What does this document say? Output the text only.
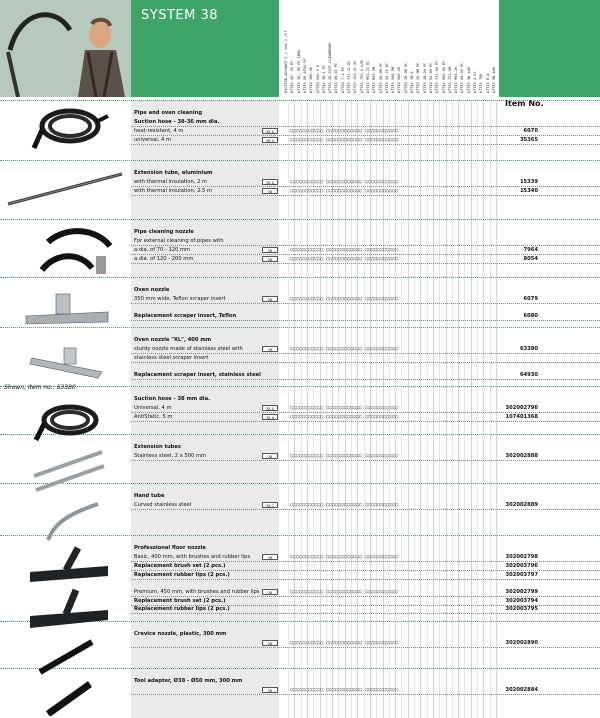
SYSTEM 38
NILFISK-ADVANCE 1 / VAX 1 /CT ATTIX 30, 50 PC ATTIX 30, 50 PC INOX ATTIX 50 ATEX PC ATTIX 360-0H ATTIX 550-2 H ATTIX 30-1 PC ATTIX 30-21PC CLEANROOM ATTIX 40-01 PC ATTIX 7-1 PC ATTIX 751-21 EC ATTIX 761-21 XC ATTIX 791-2 L/M ATTIX 961-21 EC ATTIX 965-2M ATTIX 50-2M PC ATTIX 50-21 EC ATTIX 560-2M ATTIX 560-2H ATTIX 19 2M PC ATTIX 19-4 ATTIX 30-0M PC ATTIX 30-2H PC ATTIX 50-0H PC ATTIX 751-0H PC ATTIX 965-0H PC ATTIX 751-2M ATTIX 965-2H ATTIX 44-2H PC ATTIX 5N 44H ATTIX 4 XC ATTIX 790 ATTIX 8-4 ATTIX 5N 44H
Item No.
Pipe and oven cleaning
Suction hose - 38-36 mm dia.
heat-resistant, 4 m	38 A	○○○○○○○○○○○ ○○○○○○○○○○○○ ○○○○○○○○○○○	6070
universal, 4 m	38 A	○○○○○○○○○○○ ○○○○○○○○○○○○ ○○○○○○○○○○○	35365
Extension tube, aluminium
with thermal insulation, 2 m	38 A	○○○○○○○○○○○ ○○○○○○○○○○○○ ○○○○○○○○○○○	15339
with thermal insulation, 2.5 m	38	○○○○○○○○○○○ ○○○○○○○○○○○○ ○○○○○○○○○○○	15340
Pipe cleaning nozzle
For external cleaning of pipes with
a dia. of 70 - 120 mm	38	○○○○○○○○○○○ ○○○○○○○○○○○○ ○○○○○○○○○○○	7964
a dia. of 120 - 200 mm	38	○○○○○○○○○○○ ○○○○○○○○○○○○ ○○○○○○○○○○○	8054
Oven nozzle
350 mm wide, Teflon scraper insert	38	○○○○○○○○○○○ ○○○○○○○○○○○○ ○○○○○○○○○○○	6079
Replacement scraper insert, Teflon	6080
Oven nozzle "XL", 400 mm
sturdy nozzle made of stainless steel with	38	○○○○○○○○○○○ ○○○○○○○○○○○○ ○○○○○○○○○○○	63380
stainless steel scraper insert
Replacement scraper insert, stainless steel	64930
Suction hose - 38 mm dia.
Universal, 4 m	38 A	○○○○○○○○○○○ ○○○○○○○○○○○○ ○○○○○○○○○○○	302002796
AntiStatic, 5 m	38 A	○○○○○○○○○○○ ○○○○○○○○○○○○ ○○○○○○○○○○○	107401368
Extension tubes
Stainless steel, 2 x 500 mm	38	○○○○○○○○○○○ ○○○○○○○○○○○○ ○○○○○○○○○○○	302002888
Hand tube
Curved stainless steel	38 C	○○○○○○○○○○○ ○○○○○○○○○○○○ ○○○○○○○○○○○	302002889
Professional floor nozzle
Basic, 400 mm, with brushes and rubber lips	38	○○○○○○○○○○○ ○○○○○○○○○○○○ ○○○○○○○○○○○	302002798
Replacement brush set (2 pcs.)	302003796
Replacement rubber lips (2 pcs.)	302003797
Premium, 450 mm, with brushes and rubber lips	38	○○○○○○○○○○○ ○○○○○○○○○○○○ ○○○○○○○○○○○	302002799
Replacement brush set (2 pcs.)	302003794
Replacement rubber lips (2 pcs.)	302003795
Crevice nozzle, plastic, 300 mm
38	○○○○○○○○○○○ ○○○○○○○○○○○○ ○○○○○○○○○○○	302002890
Tool adapter, Ø38 - Ø50 mm, 300 mm
38	○○○○○○○○○○○ ○○○○○○○○○○○○ ○○○○○○○○○○○	302002884
Shown, item no.: 63380
